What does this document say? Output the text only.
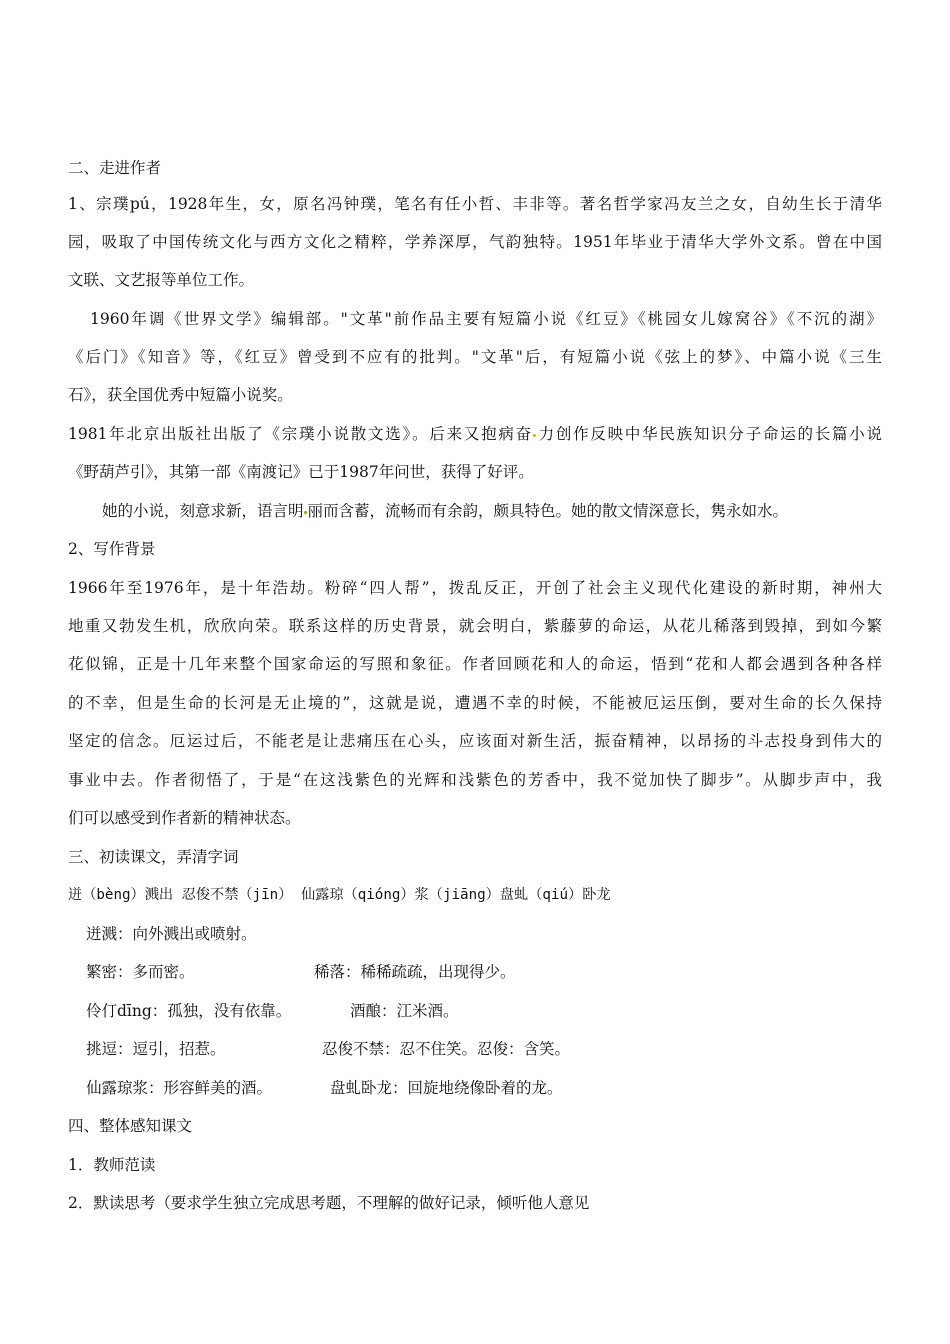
二、走进作者
1、宗璞pú，1928年生，女，原名冯钟璞，笔名有任小哲、丰非等。著名哲学家冯友兰之女，自幼生长于清华
园，吸取了中国传统文化与西方文化之精粹，学养深厚，气韵独特。1951年毕业于清华大学外文系。曾在中国
文联、文艺报等单位工作。
1960年调《世界文学》编辑部。"文革"前作品主要有短篇小说《红豆》《桃园女儿嫁窝谷》《不沉的湖》
《后门》《知音》等，《红豆》曾受到不应有的批判。"文革"后，有短篇小说《弦上的梦》、中篇小说《三生
石》，获全国优秀中短篇小说奖。
1981年北京出版社出版了《宗璞小说散文选》。后来又抱病奋 力创作反映中华民族知识分子命运的长篇小说
《野葫芦引》，其第一部《南渡记》已于1987年问世，获得了好评。
她的小说，刻意求新，语言明 丽而含蓄，流畅而有余韵，颇具特色。她的散文情深意长，隽永如水。
2、写作背景
1966年至1976年，是十年浩劫。粉碎“四人帮”，拨乱反正，开创了社会主义现代化建设的新时期，神州大
地重又勃发生机，欣欣向荣。联系这样的历史背景，就会明白，紫藤萝的命运，从花儿稀落到毁掉，到如今繁
花似锦，正是十几年来整个国家命运的写照和象征。作者回顾花和人的命运，悟到“花和人都会遇到各种各样
的不幸，但是生命的长河是无止境的”，这就是说，遭遇不幸的时候，不能被厄运压倒，要对生命的长久保持
坚定的信念。厄运过后，不能老是让悲痛压在心头，应该面对新生活，振奋精神，以昂扬的斗志投身到伟大的
事业中去。作者彻悟了，于是“在这浅紫色的光辉和浅紫色的芳香中，我不觉加快了脚步”。从脚步声中，我
们可以感受到作者新的精神状态。
三、初读课文，弄清字词
迸（bèng）溅出 忍俊不禁（jīn） 仙露琼（qióng）浆（jiāng）盘虬（qiú）卧龙
迸溅：向外溅出或喷射。
繁密：多而密。	稀落：稀稀疏疏，出现得少。
伶仃dīng：孤独，没有依靠。	酒酿：江米酒。
挑逗：逗引，招惹。	忍俊不禁：忍不住笑。忍俊：含笑。
仙露琼浆：形容鲜美的酒。	盘虬卧龙：回旋地绕像卧着的龙。
四、整体感知课文
1．教师范读
2．默读思考（要求学生独立完成思考题，不理解的做好记录，倾听他人意见
